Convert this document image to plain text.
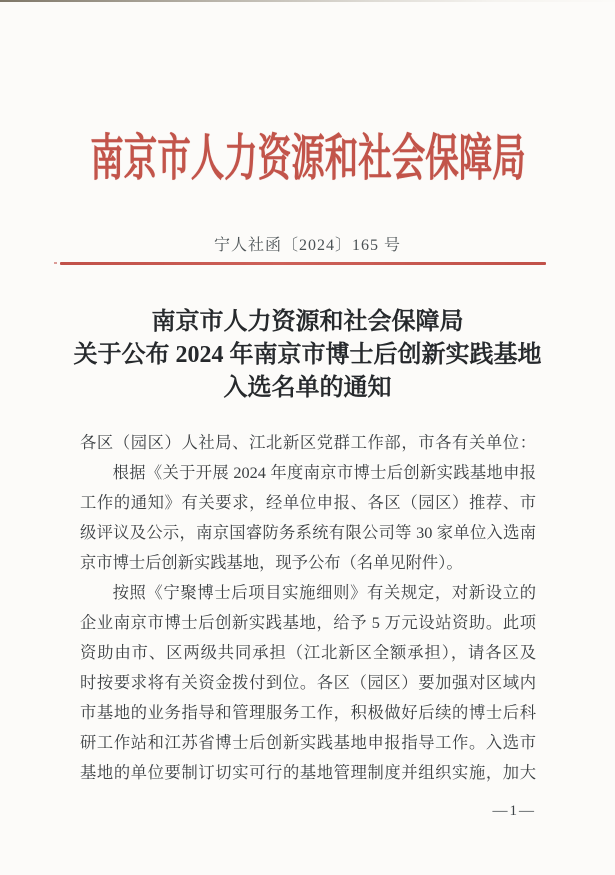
南京市人力资源和社会保障局
宁人社函〔2024〕165 号
南京市人力资源和社会保障局
关于公布 2024 年南京市博士后创新实践基地
入选名单的通知
各区（园区）人社局、江北新区党群工作部，市各有关单位：
根据《关于开展 2024 年度南京市博士后创新实践基地申报
工作的通知》有关要求，经单位申报、各区（园区）推荐、市
级评议及公示，南京国睿防务系统有限公司等 30 家单位入选南
京市博士后创新实践基地，现予公布（名单见附件）。
按照《宁聚博士后项目实施细则》有关规定，对新设立的
企业南京市博士后创新实践基地，给予 5 万元设站资助。此项
资助由市、区两级共同承担（江北新区全额承担），请各区及
时按要求将有关资金拨付到位。各区（园区）要加强对区域内
市基地的业务指导和管理服务工作，积极做好后续的博士后科
研工作站和江苏省博士后创新实践基地申报指导工作。入选市
基地的单位要制订切实可行的基地管理制度并组织实施，加大
—1—
